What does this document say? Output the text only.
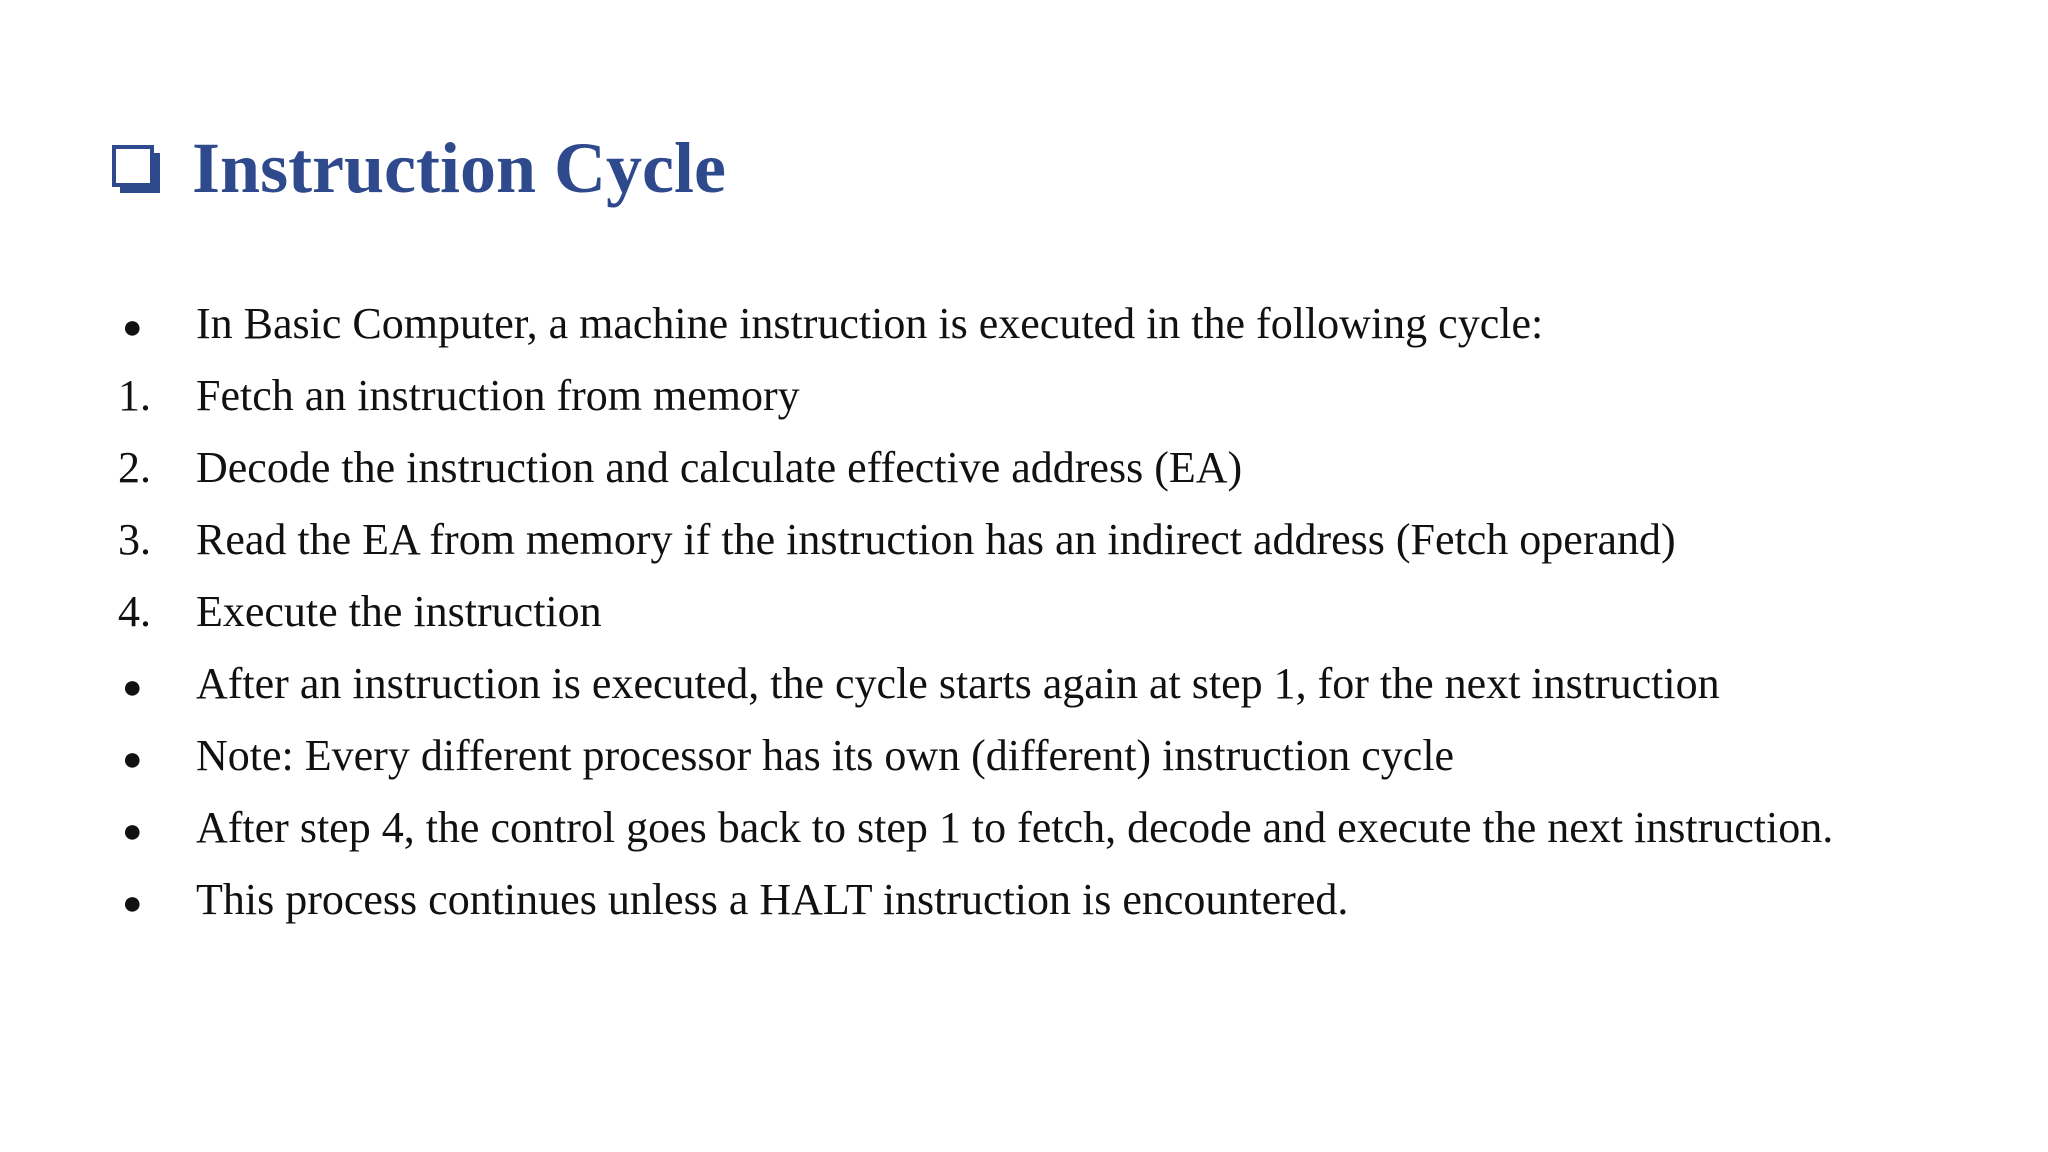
Instruction Cycle
●	In Basic Computer, a machine instruction is executed in the following cycle:
1.	Fetch an instruction from memory
2.	Decode the instruction and calculate effective address (EA)
3.	Read the EA from memory if the instruction has an indirect address (Fetch operand)
4.	Execute the instruction
●	After an instruction is executed, the cycle starts again at step 1, for the next instruction
●	Note: Every different processor has its own (different) instruction cycle
●	After step 4, the control goes back to step 1 to fetch, decode and execute the next instruction.
●	This process continues unless a HALT instruction is encountered.
